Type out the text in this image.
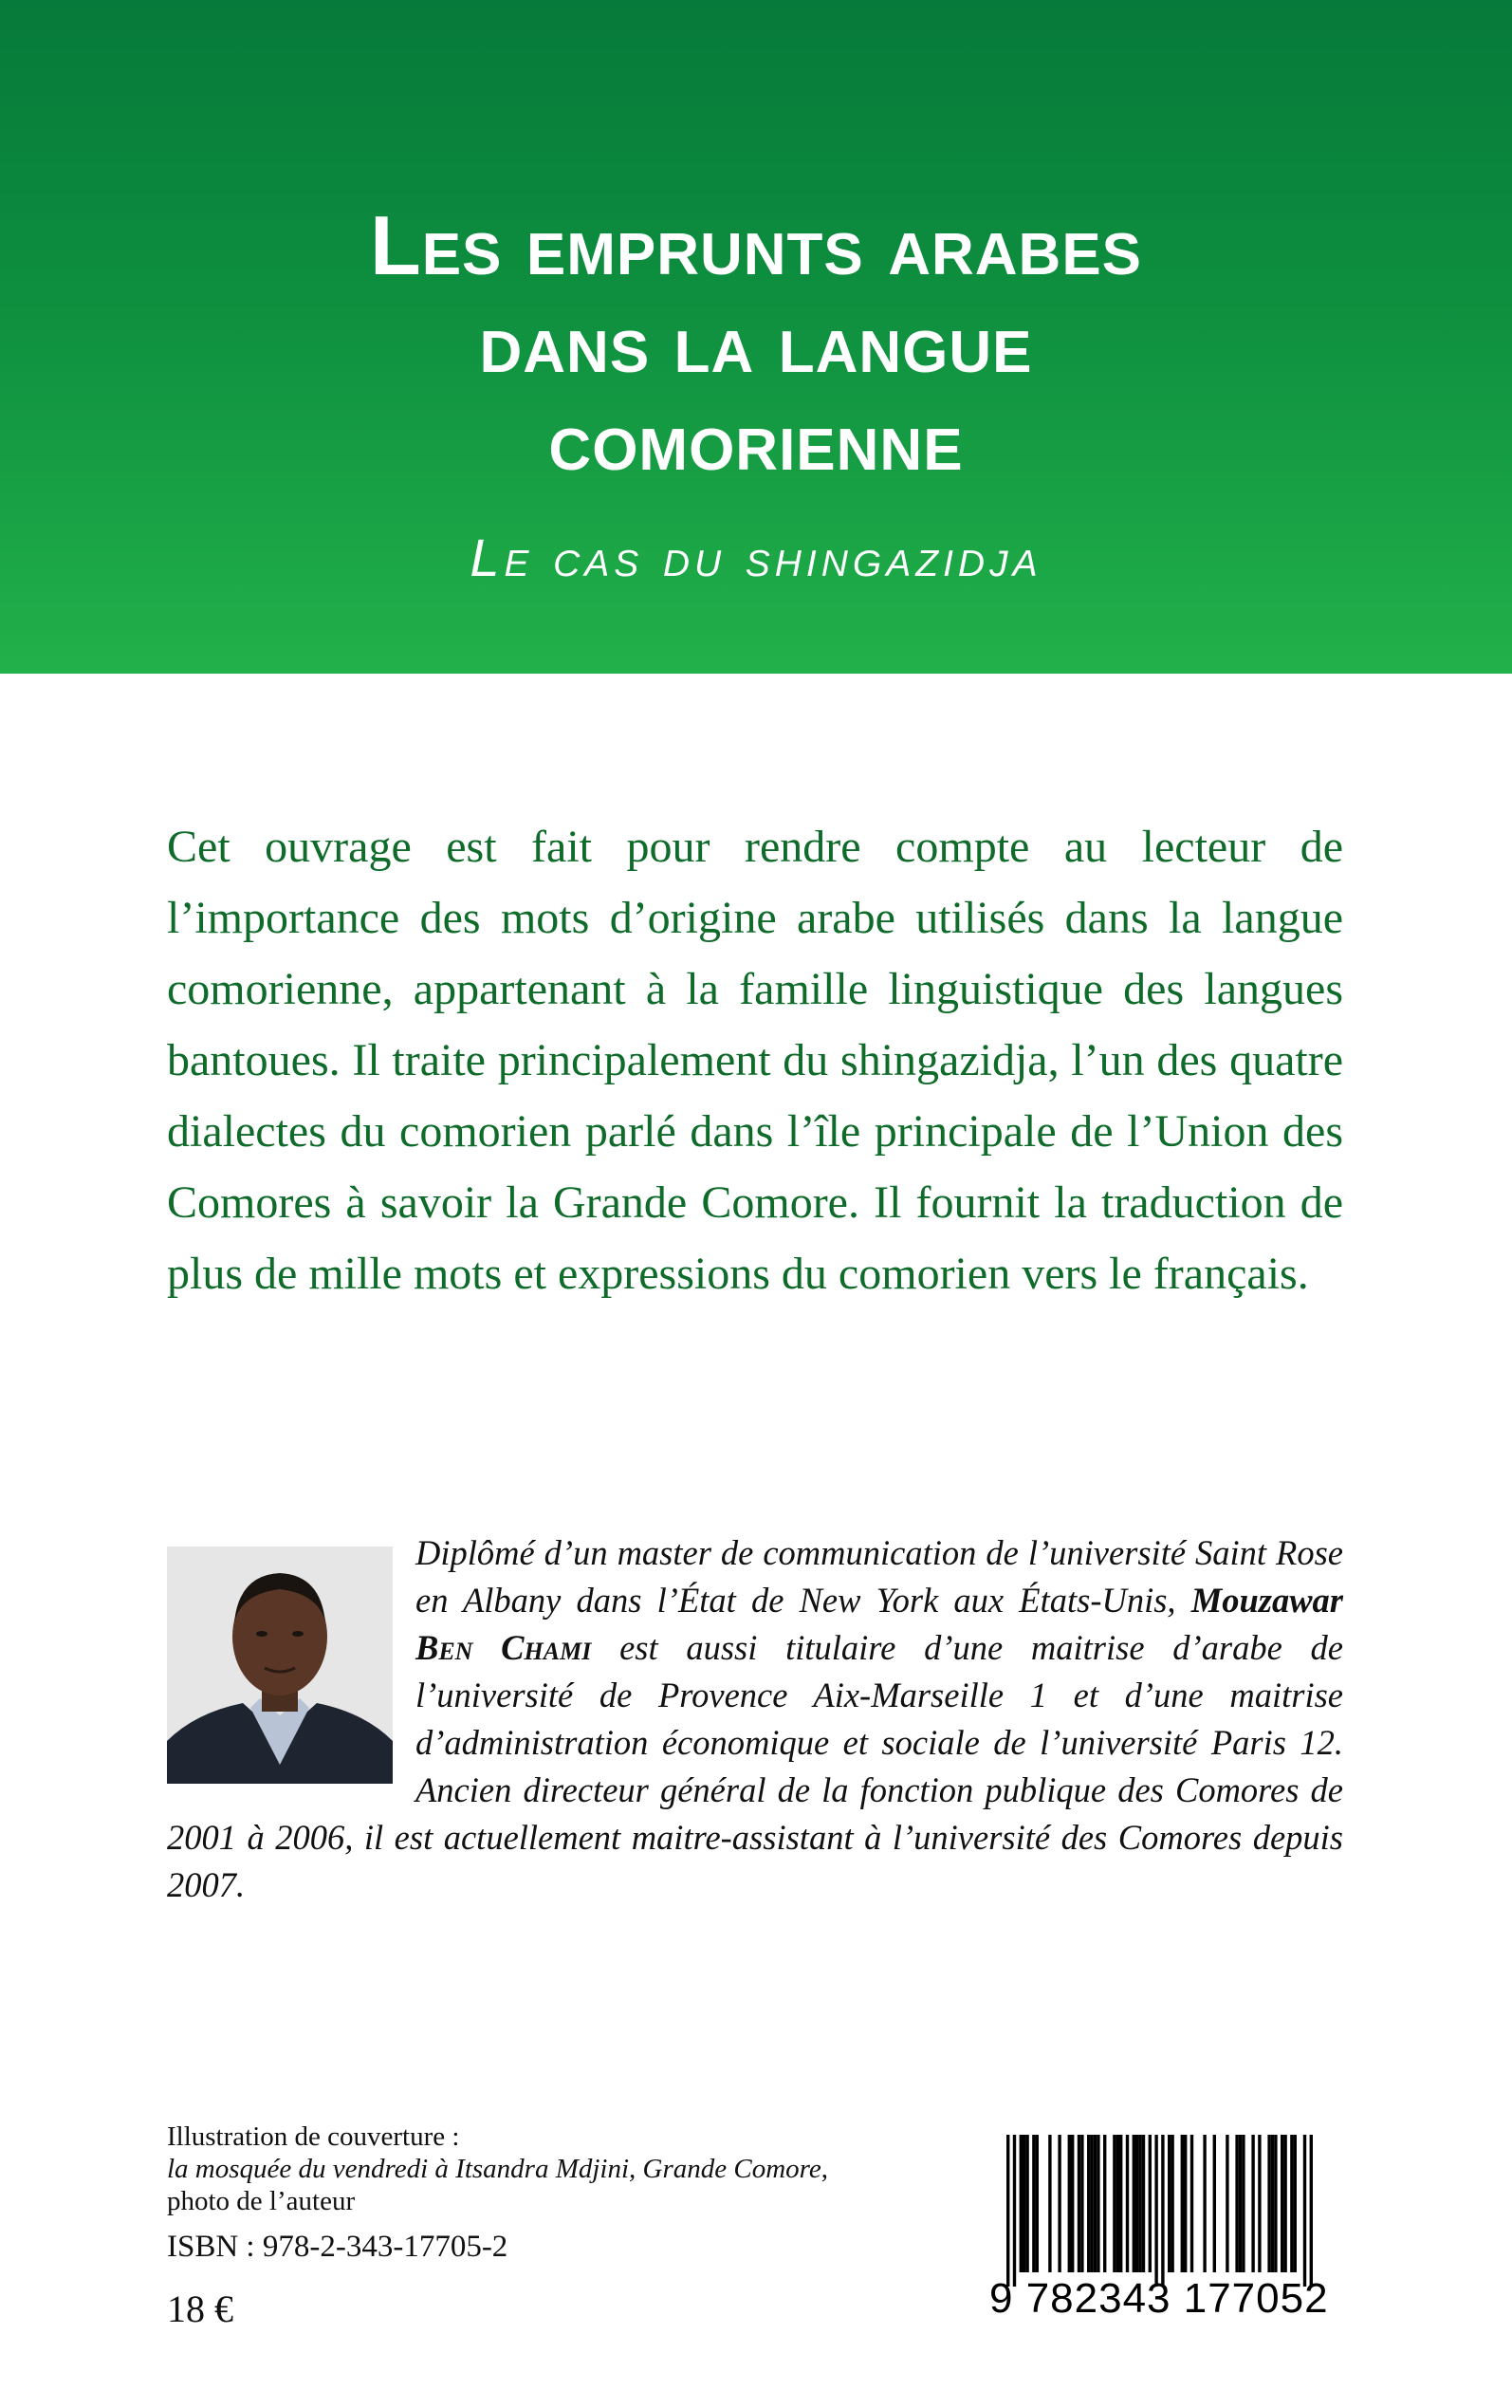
Les emprunts arabes
dans la langue
comorienne
Le cas du shingazidja
Cet ouvrage est fait pour rendre compte au lecteur de l’importance des mots d’origine arabe utilisés dans la langue comorienne, appartenant à la famille linguistique des langues bantoues. Il traite principalement du shingazidja, l’un des quatre dialectes du comorien parlé dans l’île principale de l’Union des Comores à savoir la Grande Comore. Il fournit la traduction de plus de mille mots et expressions du comorien vers le français.
Diplômé d’un master de communication de l’université Saint Rose en Albany dans l’État de New York aux États-Unis, Mouzawar Ben Chami est aussi titulaire d’une maitrise d’arabe de l’université de Provence Aix-Marseille 1 et d’une maitrise d’administration économique et sociale de l’université Paris 12. Ancien directeur général de la fonction publique des Comores de 2001 à 2006, il est actuellement maitre-assistant à l’université des Comores depuis 2007.
Illustration de couverture :
la mosquée du vendredi à Itsandra Mdjini, Grande Comore,
photo de l’auteur
ISBN : 978-2-343-17705-2
18 €	9 782343 177052
